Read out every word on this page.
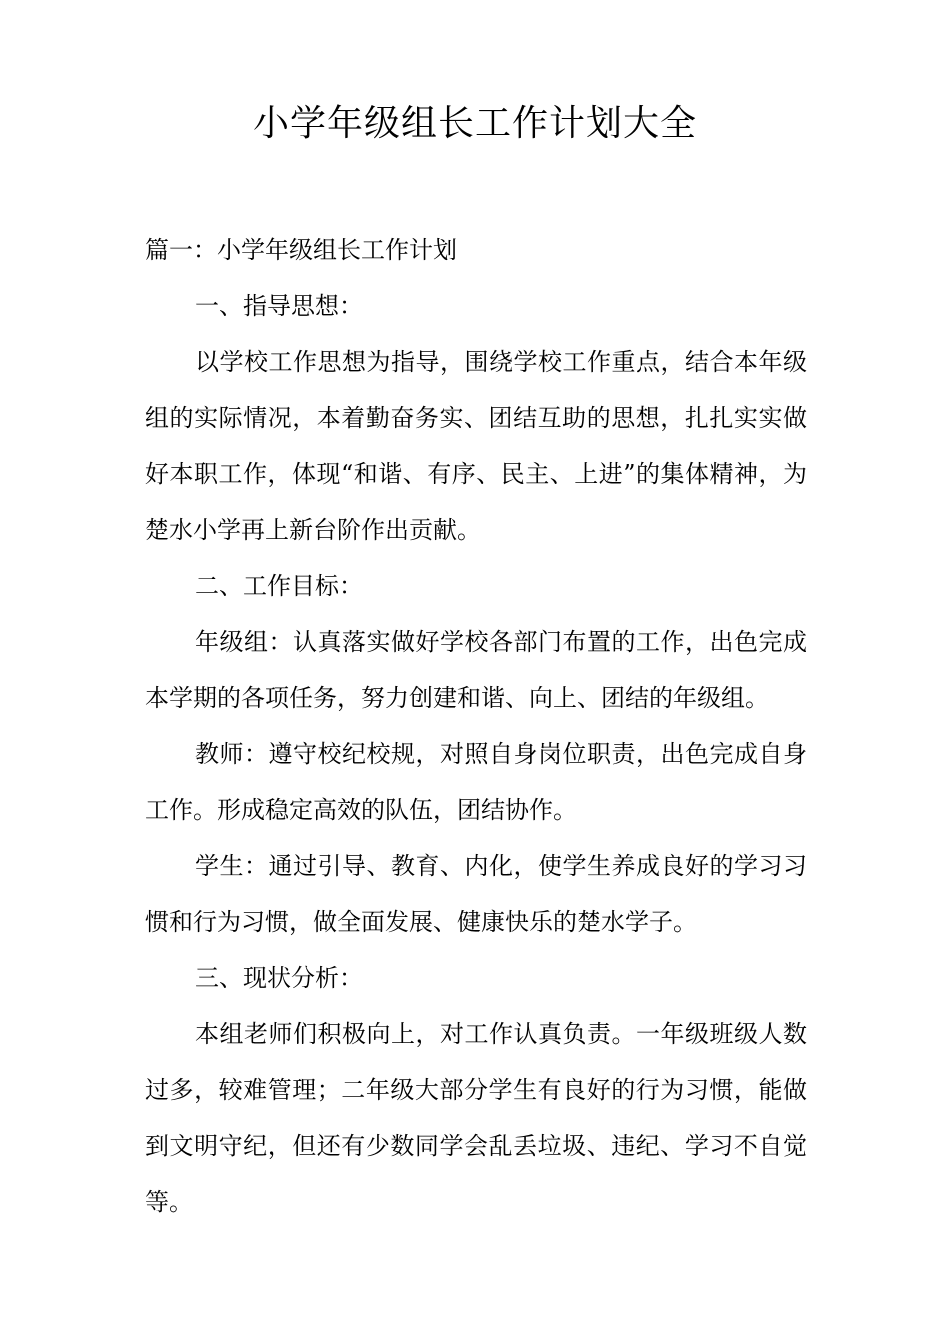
小学年级组长工作计划大全

篇一：小学年级组长工作计划

一、指导思想：

以学校工作思想为指导，围绕学校工作重点，结合本年级组的实际情况，本着勤奋务实、团结互助的思想，扎扎实实做好本职工作，体现“和谐、有序、民主、上进”的集体精神，为楚水小学再上新台阶作出贡献。

二、工作目标：

年级组：认真落实做好学校各部门布置的工作，出色完成本学期的各项任务，努力创建和谐、向上、团结的年级组。

教师：遵守校纪校规，对照自身岗位职责，出色完成自身工作。形成稳定高效的队伍，团结协作。

学生：通过引导、教育、内化，使学生养成良好的学习习惯和行为习惯，做全面发展、健康快乐的楚水学子。

三、现状分析：

本组老师们积极向上，对工作认真负责。一年级班级人数过多，较难管理；二年级大部分学生有良好的行为习惯，能做到文明守纪，但还有少数同学会乱丢垃圾、违纪、学习不自觉等。
